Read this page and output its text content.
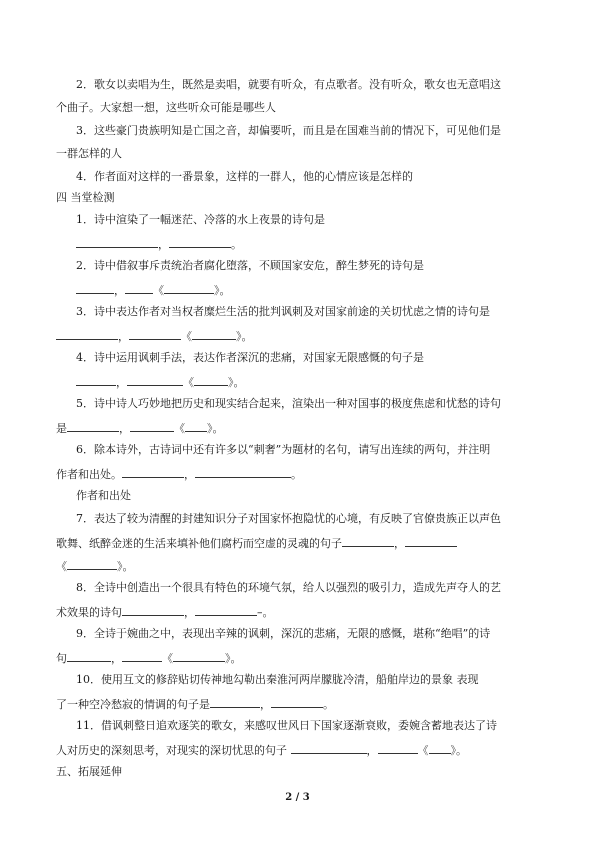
2．歌女以卖唱为生，既然是卖唱，就要有听众，有点歌者。没有听众，歌女也无意唱这
个曲子。大家想一想，这些听众可能是哪些人
3．这些豪门贵族明知是亡国之音，却偏要听，而且是在国难当前的情况下，可见他们是
一群怎样的人
4．作者面对这样的一番景象，这样的一群人，他的心情应该是怎样的
四 当堂检测
1．诗中渲染了一幅迷茫、冷落的水上夜景的诗句是
，	。
2．诗中借叙事斥责统治者腐化堕落，不顾国家安危，醉生梦死的诗句是
，	《	》。
3．诗中表达作者对当权者糜烂生活的批判讽刺及对国家前途的关切忧虑之情的诗句是
，	《	》。
4．诗中运用讽刺手法，表达作者深沉的悲痛，对国家无限感慨的句子是
，	《	》。
5．诗中诗人巧妙地把历史和现实结合起来，渲染出一种对国事的极度焦虑和忧愁的诗句
是	，	《 》。
6．除本诗外，古诗词中还有许多以“刺奢”为题材的名句，请写出连续的两句，并注明
作者和出处。	，	。
作者和出处
7．表达了较为清醒的封建知识分子对国家怀抱隐忧的心境，有反映了官僚贵族正以声色
歌舞、纸醉金迷的生活来填补他们腐朽而空虚的灵魂的句子	，
《	》。
8．全诗中创造出一个很具有特色的环境气氛，给人以强烈的吸引力，造成先声夺人的艺
术效果的诗句	，	–。
9．全诗于婉曲之中，表现出辛辣的讽刺，深沉的悲痛，无限的感慨，堪称“绝唱”的诗
句	，	《	》。
10．使用互文的修辞贴切传神地勾勒出秦淮河两岸朦胧冷清，船舶岸边的景象 表现
了一种空冷愁寂的情调的句子是	，	。
11．借讽刺整日追欢逐笑的歌女，来感叹世风日下国家逐渐衰败，委婉含蓄地表达了诗
人对历史的深刻思考，对现实的深切忧思的句子	，	《 》。
五、拓展延伸
2 / 3
